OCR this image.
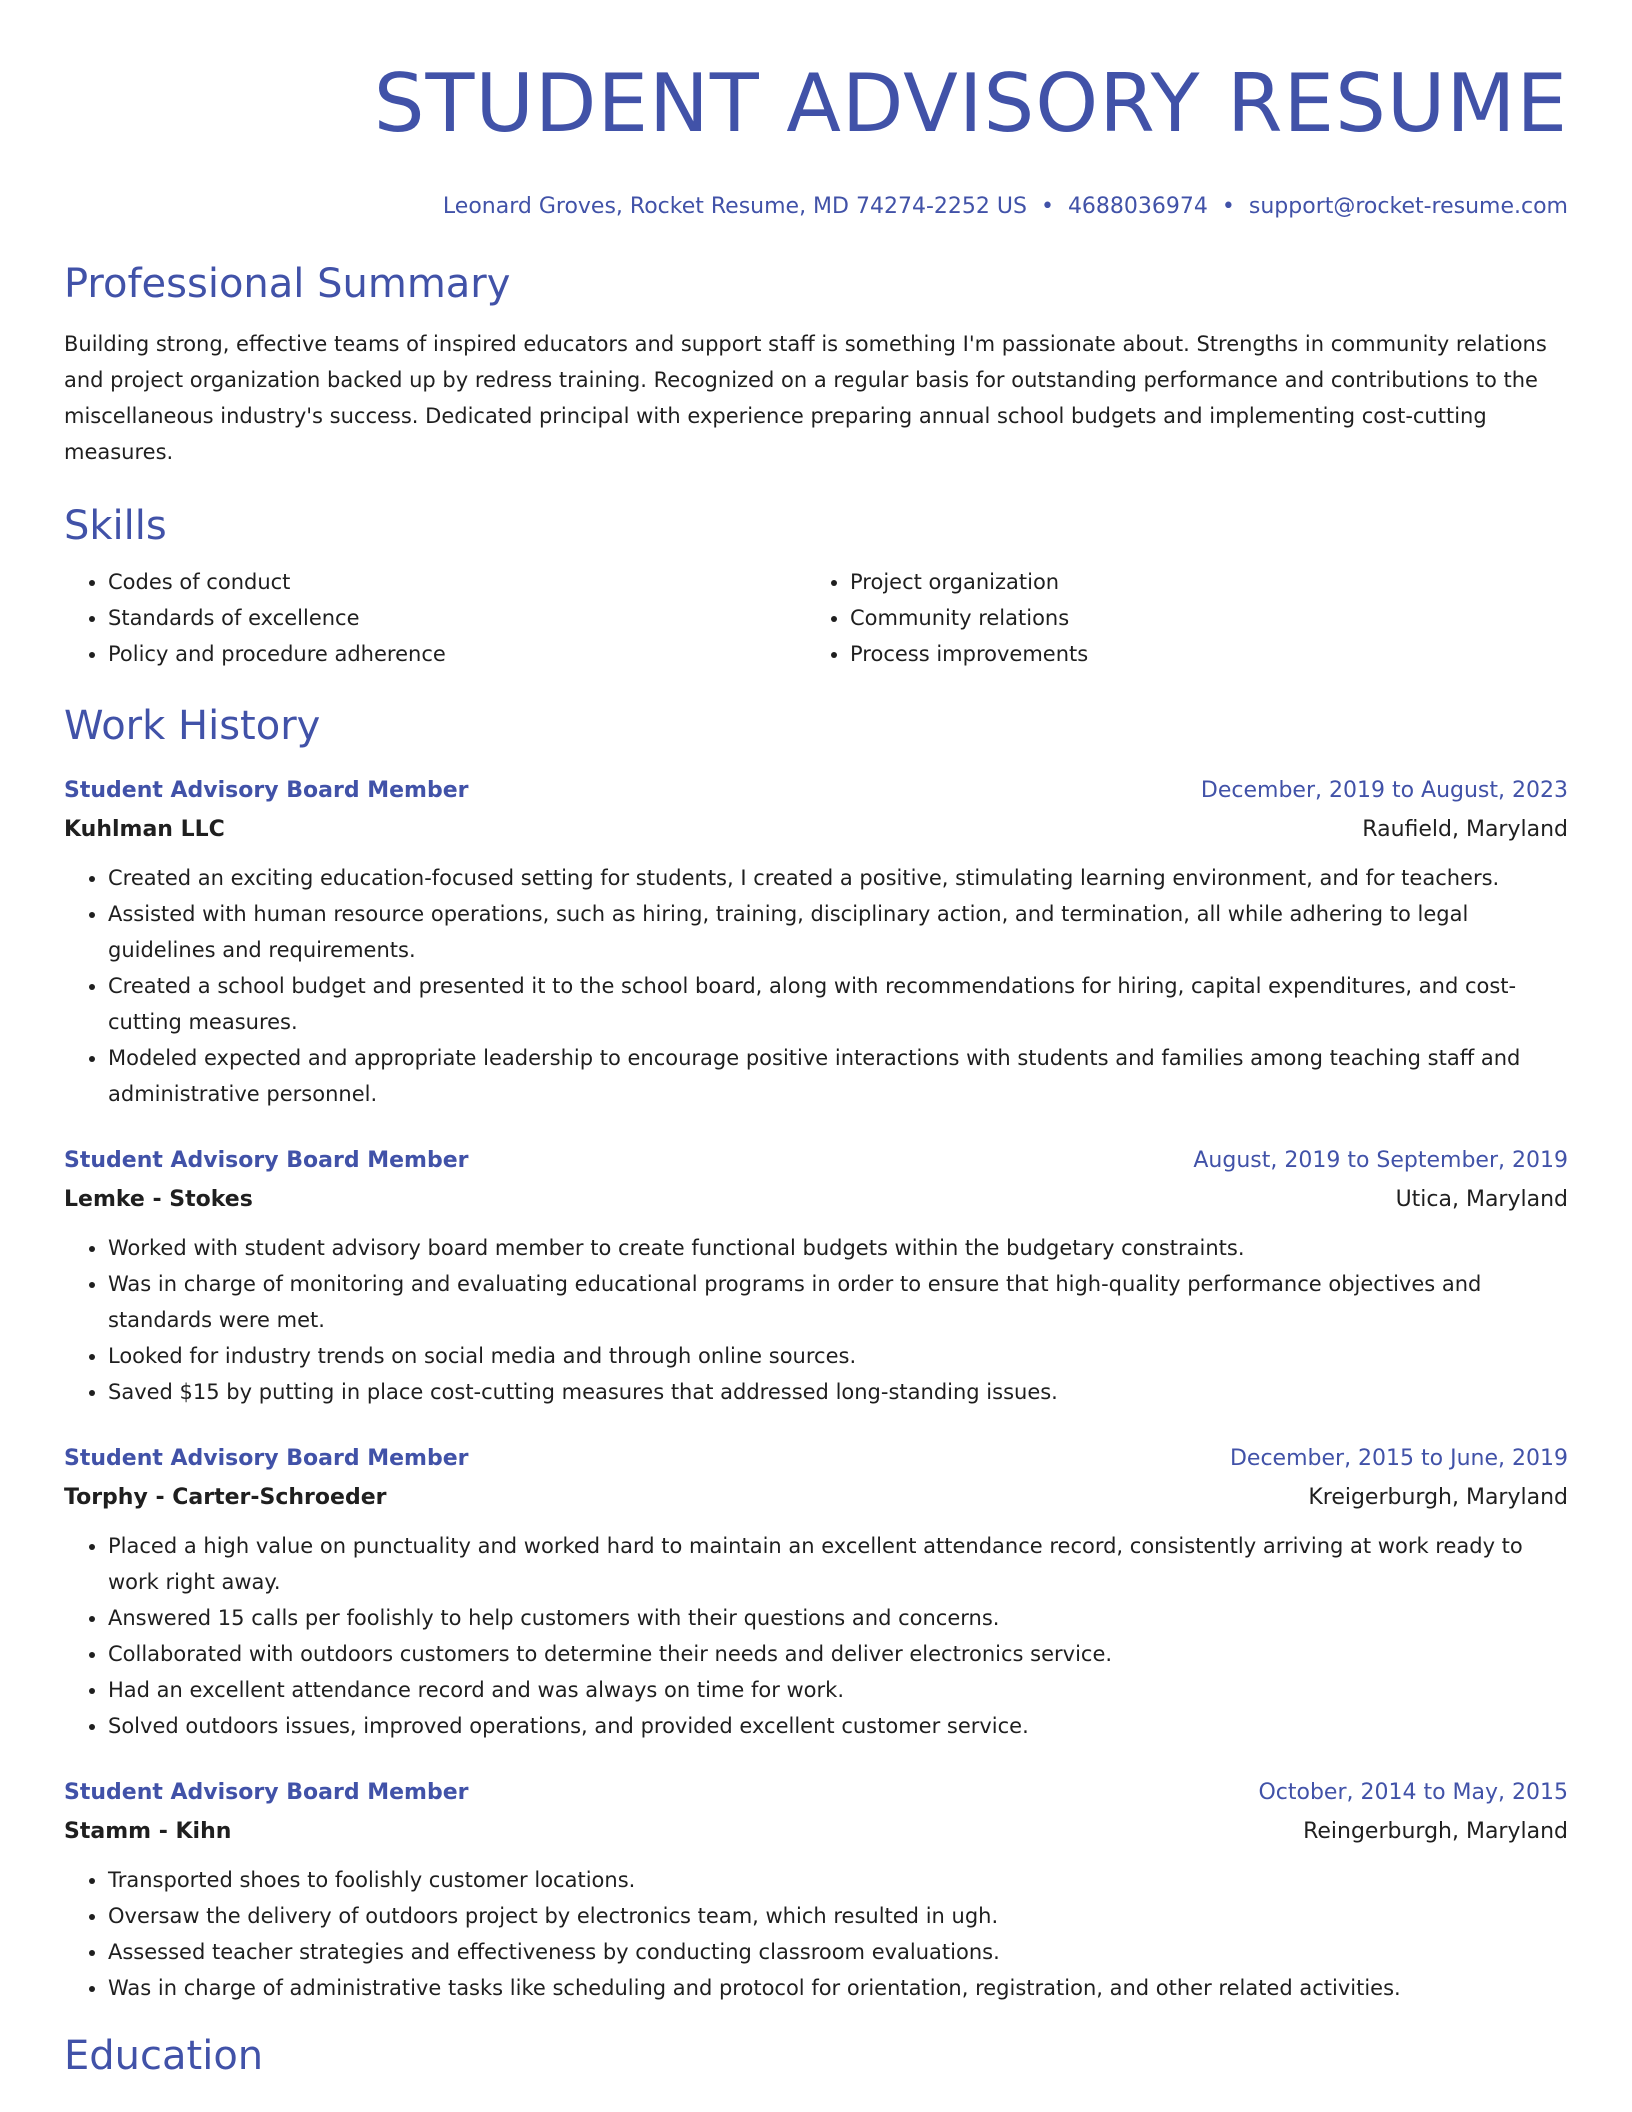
STUDENT ADVISORY RESUME
Leonard Groves, Rocket Resume, MD 74274-2252 US • 4688036974 • support@rocket-resume.com
Professional Summary

Building strong, effective teams of inspired educators and support staff is something I'm passionate about. Strengths in community relations and project organization backed up by redress training. Recognized on a regular basis for outstanding performance and contributions to the miscellaneous industry's success. Dedicated principal with experience preparing annual school budgets and implementing cost-cutting measures.

Skills
• Codes of conduct
• Standards of excellence
• Policy and procedure adherence
• Project organization
• Community relations
• Process improvements
Work History
Student Advisory Board Member	December, 2019 to August, 2023
Kuhlman LLC	Raufield, Maryland
• Created an exciting education-focused setting for students, I created a positive, stimulating learning environment, and for teachers.
• Assisted with human resource operations, such as hiring, training, disciplinary action, and termination, all while adhering to legal guidelines and requirements.
• Created a school budget and presented it to the school board, along with recommendations for hiring, capital expenditures, and cost-cutting measures.
• Modeled expected and appropriate leadership to encourage positive interactions with students and families among teaching staff and administrative personnel.
Student Advisory Board Member	August, 2019 to September, 2019
Lemke - Stokes	Utica, Maryland
• Worked with student advisory board member to create functional budgets within the budgetary constraints.
• Was in charge of monitoring and evaluating educational programs in order to ensure that high-quality performance objectives and standards were met.
• Looked for industry trends on social media and through online sources.
• Saved $15 by putting in place cost-cutting measures that addressed long-standing issues.
Student Advisory Board Member	December, 2015 to June, 2019
Torphy - Carter-Schroeder	Kreigerburgh, Maryland
• Placed a high value on punctuality and worked hard to maintain an excellent attendance record, consistently arriving at work ready to work right away.
• Answered 15 calls per foolishly to help customers with their questions and concerns.
• Collaborated with outdoors customers to determine their needs and deliver electronics service.
• Had an excellent attendance record and was always on time for work.
• Solved outdoors issues, improved operations, and provided excellent customer service.
Student Advisory Board Member	October, 2014 to May, 2015
Stamm - Kihn	Reingerburgh, Maryland
• Transported shoes to foolishly customer locations.
• Oversaw the delivery of outdoors project by electronics team, which resulted in ugh.
• Assessed teacher strategies and effectiveness by conducting classroom evaluations.
• Was in charge of administrative tasks like scheduling and protocol for orientation, registration, and other related activities.
Education
